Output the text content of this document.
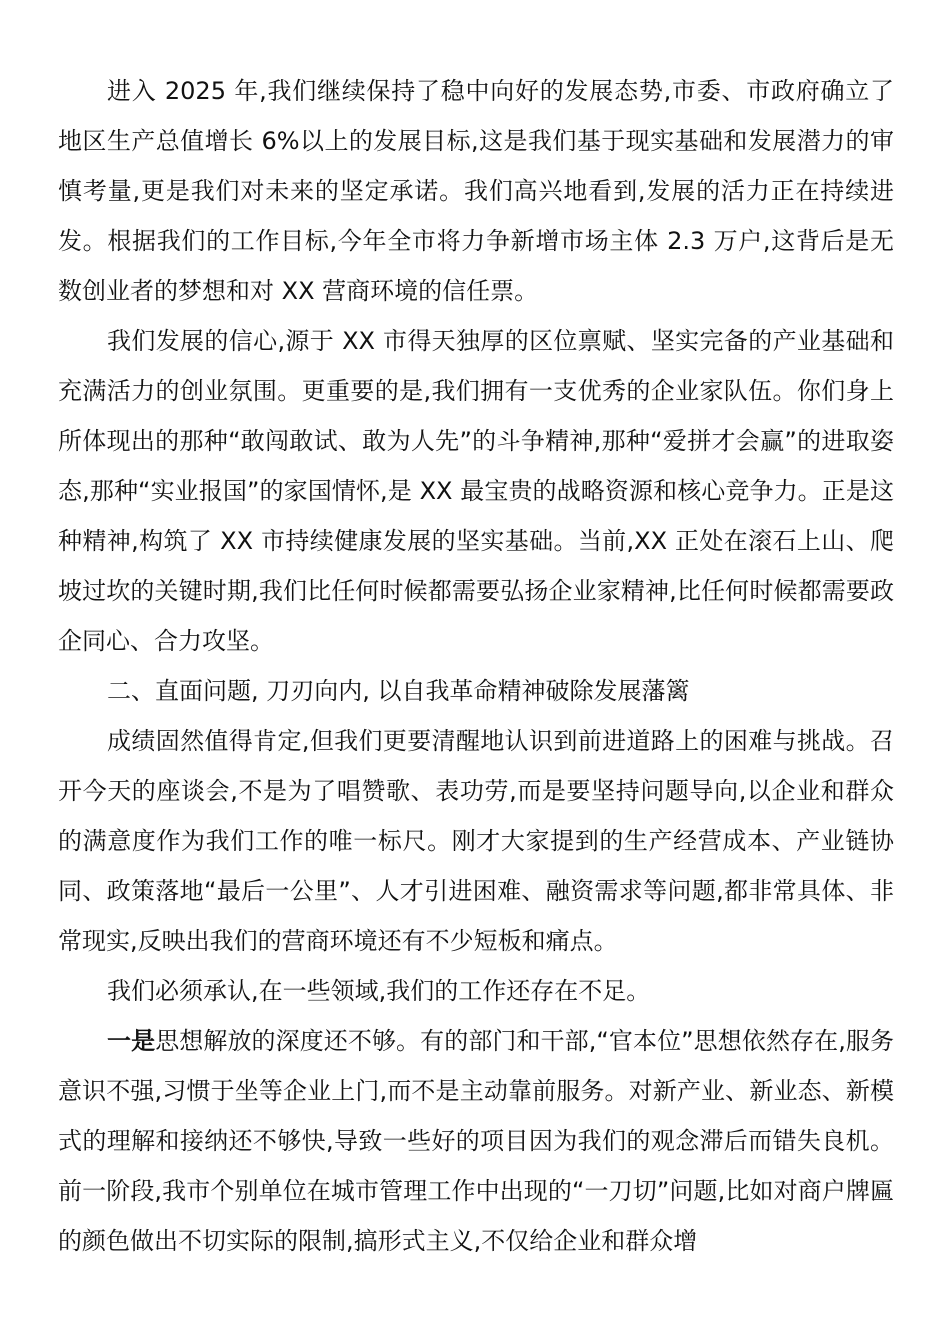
进入 2025 年,我们继续保持了稳中向好的发展态势,市委、市政府确立了地区生产总值增长 6%以上的发展目标,这是我们基于现实基础和发展潜力的审慎考量,更是我们对未来的坚定承诺。我们高兴地看到,发展的活力正在持续进发。根据我们的工作目标,今年全市将力争新增市场主体 2.3 万户,这背后是无数创业者的梦想和对 XX 营商环境的信任票。

我们发展的信心,源于 XX 市得天独厚的区位禀赋、坚实完备的产业基础和充满活力的创业氛围。更重要的是,我们拥有一支优秀的企业家队伍。你们身上所体现出的那种“敢闯敢试、敢为人先”的斗争精神,那种“爱拼才会赢”的进取姿态,那种“实业报国”的家国情怀,是 XX 最宝贵的战略资源和核心竞争力。正是这种精神,构筑了 XX 市持续健康发展的坚实基础。当前,XX 正处在滚石上山、爬坡过坎的关键时期,我们比任何时候都需要弘扬企业家精神,比任何时候都需要政企同心、合力攻坚。

二、直面问题, 刀刃向内, 以自我革命精神破除发展藩篱

成绩固然值得肯定,但我们更要清醒地认识到前进道路上的困难与挑战。召开今天的座谈会,不是为了唱赞歌、表功劳,而是要坚持问题导向,以企业和群众的满意度作为我们工作的唯一标尺。刚才大家提到的生产经营成本、产业链协同、政策落地“最后一公里”、人才引进困难、融资需求等问题,都非常具体、非常现实,反映出我们的营商环境还有不少短板和痛点。

我们必须承认,在一些领域,我们的工作还存在不足。

一是思想解放的深度还不够。有的部门和干部,“官本位”思想依然存在,服务意识不强,习惯于坐等企业上门,而不是主动靠前服务。对新产业、新业态、新模式的理解和接纳还不够快,导致一些好的项目因为我们的观念滞后而错失良机。前一阶段,我市个别单位在城市管理工作中出现的“一刀切”问题,比如对商户牌匾的颜色做出不切实际的限制,搞形式主义,不仅给企业和群众增
